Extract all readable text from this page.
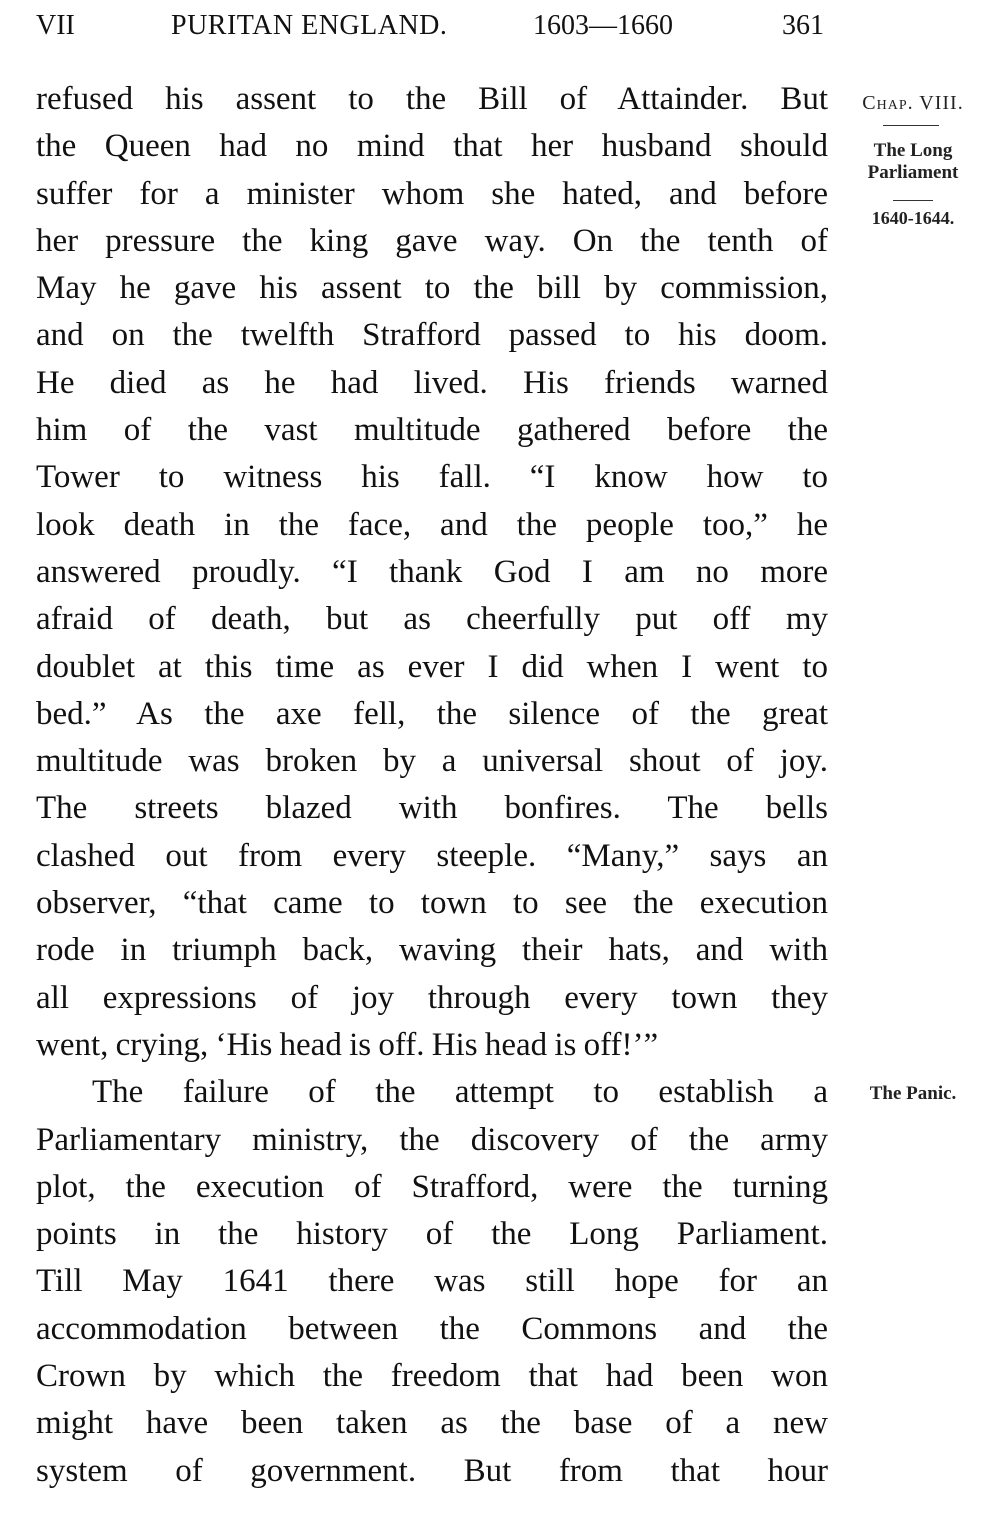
VII	PURITAN ENGLAND.	1603—1660	361
refused his assent to the Bill of Attainder. But
the Queen had no mind that her husband should
suffer for a minister whom she hated, and before
her pressure the king gave way. On the tenth of
May he gave his assent to the bill by commission,
and on the twelfth Strafford passed to his doom.
He died as he had lived. His friends warned
him of the vast multitude gathered before the
Tower to witness his fall. “I know how to
look death in the face, and the people too,” he
answered proudly. “I thank God I am no more
afraid of death, but as cheerfully put off my
doublet at this time as ever I did when I went to
bed.” As the axe fell, the silence of the great
multitude was broken by a universal shout of joy.
The streets blazed with bonfires. The bells
clashed out from every steeple. “Many,” says an
observer, “that came to town to see the execution
rode in triumph back, waving their hats, and with
all expressions of joy through every town they
went, crying, ‘His head is off. His head is off!’”
The failure of the attempt to establish a
Parliamentary ministry, the discovery of the army
plot, the execution of Strafford, were the turning
points in the history of the Long Parliament.
Till May 1641 there was still hope for an
accommodation between the Commons and the
Crown by which the freedom that had been won
might have been taken as the base of a new
system of government. But from that hour
Chap. VIII.
The Long Parliament
1640-1644.
The Panic.
